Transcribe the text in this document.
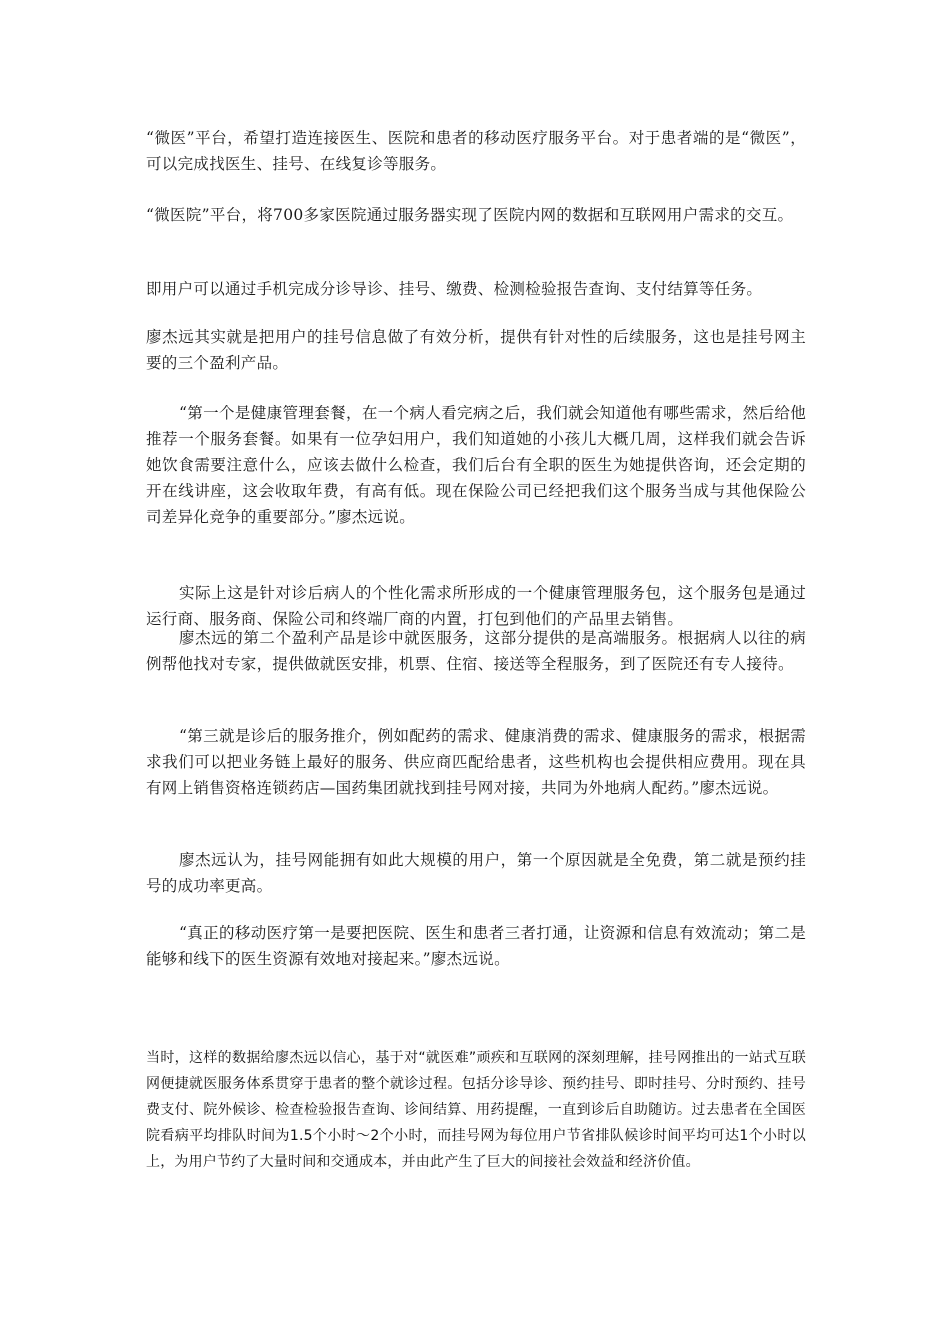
“微医”平台，希望打造连接医生、医院和患者的移动医疗服务平台。对于患者端的是“微医”，可以完成找医生、挂号、在线复诊等服务。

“微医院”平台，将700多家医院通过服务器实现了医院内网的数据和互联网用户需求的交互。

即用户可以通过手机完成分诊导诊、挂号、缴费、检测检验报告查询、支付结算等任务。

廖杰远其实就是把用户的挂号信息做了有效分析，提供有针对性的后续服务，这也是挂号网主要的三个盈利产品。

“第一个是健康管理套餐，在一个病人看完病之后，我们就会知道他有哪些需求，然后给他推荐一个服务套餐。如果有一位孕妇用户，我们知道她的小孩儿大概几周，这样我们就会告诉她饮食需要注意什么，应该去做什么检查，我们后台有全职的医生为她提供咨询，还会定期的开在线讲座，这会收取年费，有高有低。现在保险公司已经把我们这个服务当成与其他保险公司差异化竞争的重要部分。”廖杰远说。

实际上这是针对诊后病人的个性化需求所形成的一个健康管理服务包，这个服务包是通过运行商、服务商、保险公司和终端厂商的内置，打包到他们的产品里去销售。

廖杰远的第二个盈利产品是诊中就医服务，这部分提供的是高端服务。根据病人以往的病例帮他找对专家，提供做就医安排，机票、住宿、接送等全程服务，到了医院还有专人接待。

“第三就是诊后的服务推介，例如配药的需求、健康消费的需求、健康服务的需求，根据需求我们可以把业务链上最好的服务、供应商匹配给患者，这些机构也会提供相应费用。现在具有网上销售资格连锁药店—国药集团就找到挂号网对接，共同为外地病人配药。”廖杰远说。

廖杰远认为，挂号网能拥有如此大规模的用户，第一个原因就是全免费，第二就是预约挂号的成功率更高。

“真正的移动医疗第一是要把医院、医生和患者三者打通，让资源和信息有效流动；第二是能够和线下的医生资源有效地对接起来。”廖杰远说。

当时，这样的数据给廖杰远以信心，基于对“就医难”顽疾和互联网的深刻理解，挂号网推出的一站式互联网便捷就医服务体系贯穿于患者的整个就诊过程。包括分诊导诊、预约挂号、即时挂号、分时预约、挂号费支付、院外候诊、检查检验报告查询、诊间结算、用药提醒，一直到诊后自助随访。过去患者在全国医院看病平均排队时间为1.5个小时～2个小时，而挂号网为每位用户节省排队候诊时间平均可达1个小时以上，为用户节约了大量时间和交通成本，并由此产生了巨大的间接社会效益和经济价值。
